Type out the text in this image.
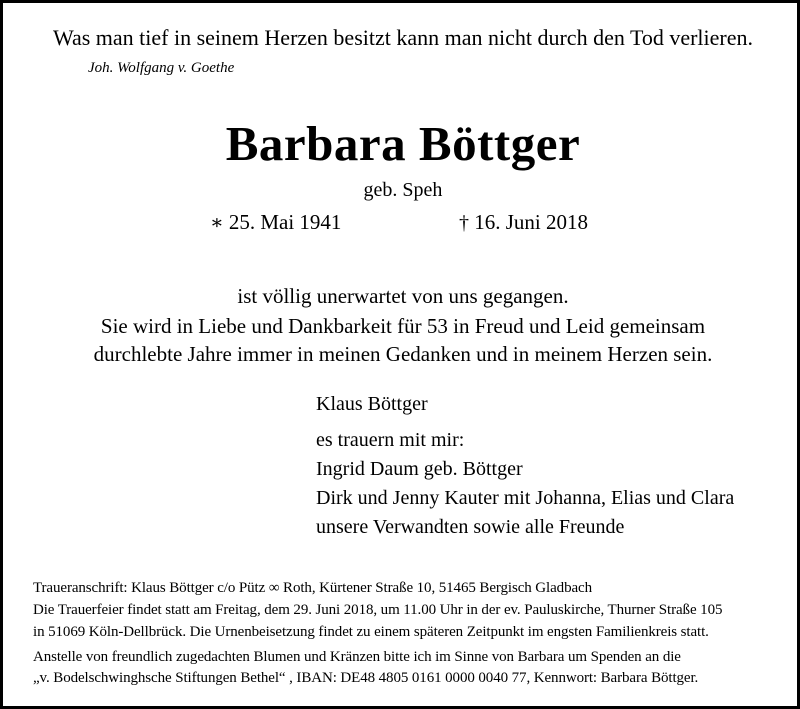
Was man tief in seinem Herzen besitzt kann man nicht durch den Tod verlieren.
Joh. Wolfgang v. Goethe
Barbara Böttger
geb. Speh
∗ 25. Mai 1941	† 16. Juni 2018
ist völlig unerwartet von uns gegangen.
Sie wird in Liebe und Dankbarkeit für 53 in Freud und Leid gemeinsam
durchlebte Jahre immer in meinen Gedanken und in meinem Herzen sein.
Klaus Böttger
es trauern mit mir:
Ingrid Daum geb. Böttger
Dirk und Jenny Kauter mit Johanna, Elias und Clara
unsere Verwandten sowie alle Freunde
Traueranschrift: Klaus Böttger c/o Pütz ∞ Roth, Kürtener Straße 10, 51465 Bergisch Gladbach
Die Trauerfeier findet statt am Freitag, dem 29. Juni 2018, um 11.00 Uhr in der ev. Pauluskirche, Thurner Straße 105
in 51069 Köln-Dellbrück. Die Urnenbeisetzung findet zu einem späteren Zeitpunkt im engsten Familienkreis statt.
Anstelle von freundlich zugedachten Blumen und Kränzen bitte ich im Sinne von Barbara um Spenden an die
„v. Bodelschwinghsche Stiftungen Bethel“ , IBAN: DE48 4805 0161 0000 0040 77, Kennwort: Barbara Böttger.
